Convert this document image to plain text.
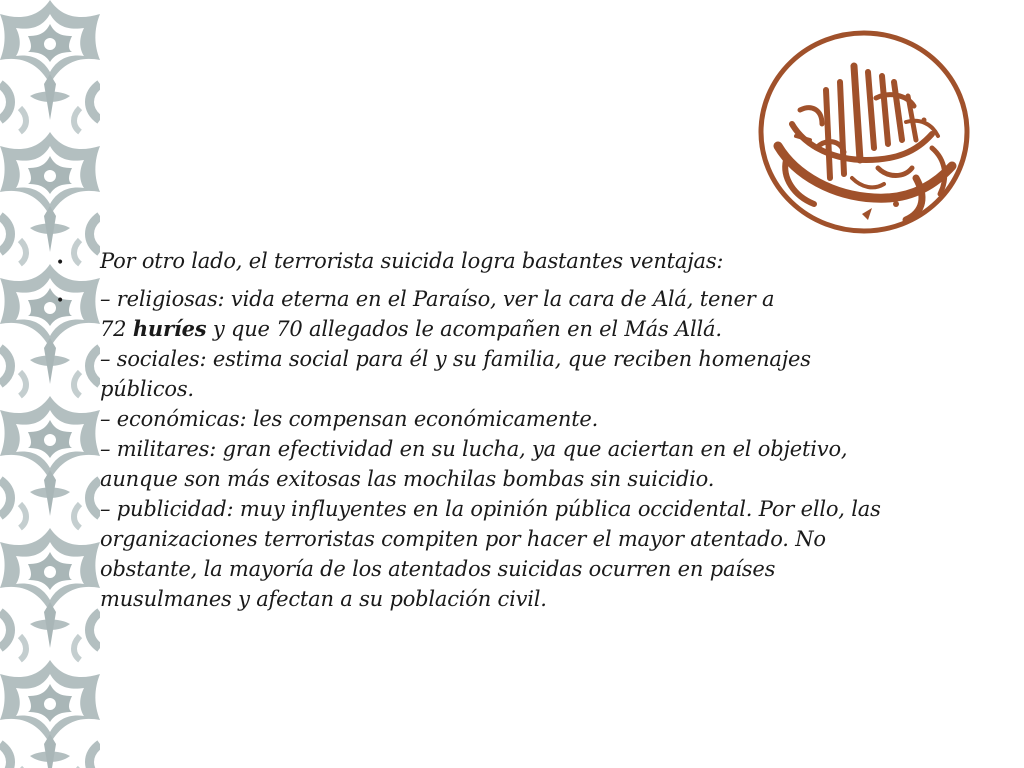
•	Por otro lado, el terrorista suicida logra bastantes ventajas:
•	– religiosas: vida eterna en el Paraíso, ver la cara de Alá, tener a
72 huríes y que 70 allegados le acompañen en el Más Allá.
– sociales: estima social para él y su familia, que reciben homenajes
públicos.
– económicas: les compensan económicamente.
– militares: gran efectividad en su lucha, ya que aciertan en el objetivo,
aunque son más exitosas las mochilas bombas sin suicidio.
– publicidad: muy influyentes en la opinión pública occidental. Por ello, las
organizaciones terroristas compiten por hacer el mayor atentado. No
obstante, la mayoría de los atentados suicidas ocurren en países
musulmanes y afectan a su población civil.
